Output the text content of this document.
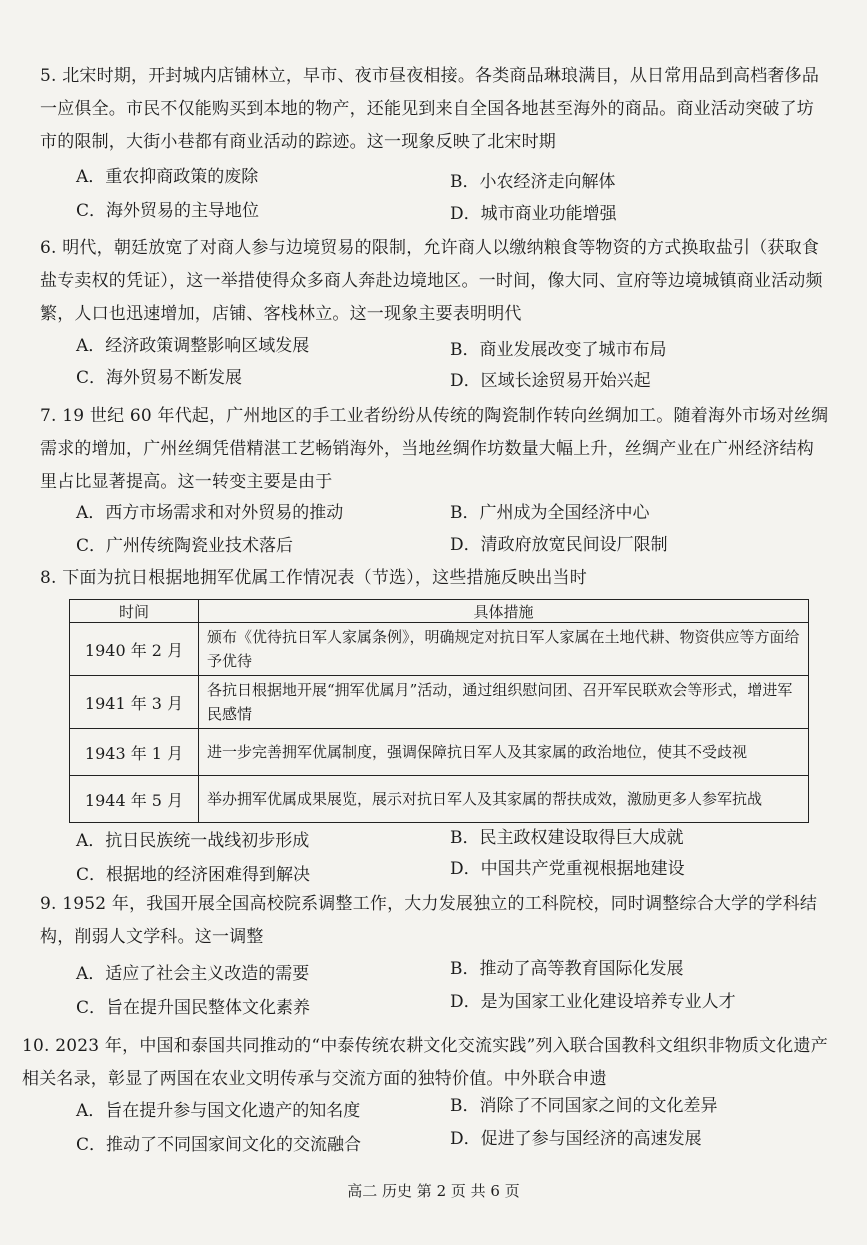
5. 北宋时期，开封城内店铺林立，早市、夜市昼夜相接。各类商品琳琅满目，从日常用品到高档奢侈品一应俱全。市民不仅能购买到本地的物产，还能见到来自全国各地甚至海外的商品。商业活动突破了坊市的限制，大街小巷都有商业活动的踪迹。这一现象反映了北宋时期
A．重农抑商政策的废除	B．小农经济走向解体
C．海外贸易的主导地位	D．城市商业功能增强
6. 明代，朝廷放宽了对商人参与边境贸易的限制，允许商人以缴纳粮食等物资的方式换取盐引（获取食盐专卖权的凭证），这一举措使得众多商人奔赴边境地区。一时间，像大同、宣府等边境城镇商业活动频繁，人口也迅速增加，店铺、客栈林立。这一现象主要表明明代
A．经济政策调整影响区域发展	B．商业发展改变了城市布局
C．海外贸易不断发展	D．区域长途贸易开始兴起
7. 19 世纪 60 年代起，广州地区的手工业者纷纷从传统的陶瓷制作转向丝绸加工。随着海外市场对丝绸需求的增加，广州丝绸凭借精湛工艺畅销海外，当地丝绸作坊数量大幅上升，丝绸产业在广州经济结构里占比显著提高。这一转变主要是由于
A．西方市场需求和对外贸易的推动	B．广州成为全国经济中心
C．广州传统陶瓷业技术落后	D．清政府放宽民间设厂限制
8. 下面为抗日根据地拥军优属工作情况表（节选），这些措施反映出当时
时间	具体措施
1940 年 2 月	颁布《优待抗日军人家属条例》，明确规定对抗日军人家属在土地代耕、物资供应等方面给予优待
1941 年 3 月	各抗日根据地开展“拥军优属月”活动，通过组织慰问团、召开军民联欢会等形式，增进军民感情
1943 年 1 月	进一步完善拥军优属制度，强调保障抗日军人及其家属的政治地位，使其不受歧视
1944 年 5 月	举办拥军优属成果展览，展示对抗日军人及其家属的帮扶成效，激励更多人参军抗战
A．抗日民族统一战线初步形成	B．民主政权建设取得巨大成就
C．根据地的经济困难得到解决	D．中国共产党重视根据地建设
9. 1952 年，我国开展全国高校院系调整工作，大力发展独立的工科院校，同时调整综合大学的学科结构，削弱人文学科。这一调整
A．适应了社会主义改造的需要	B．推动了高等教育国际化发展
C．旨在提升国民整体文化素养	D．是为国家工业化建设培养专业人才
10. 2023 年，中国和泰国共同推动的“中泰传统农耕文化交流实践”列入联合国教科文组织非物质文化遗产相关名录，彰显了两国在农业文明传承与交流方面的独特价值。中外联合申遗
A．旨在提升参与国文化遗产的知名度	B．消除了不同国家之间的文化差异
C．推动了不同国家间文化的交流融合	D．促进了参与国经济的高速发展
高二 历史 第 2 页 共 6 页
